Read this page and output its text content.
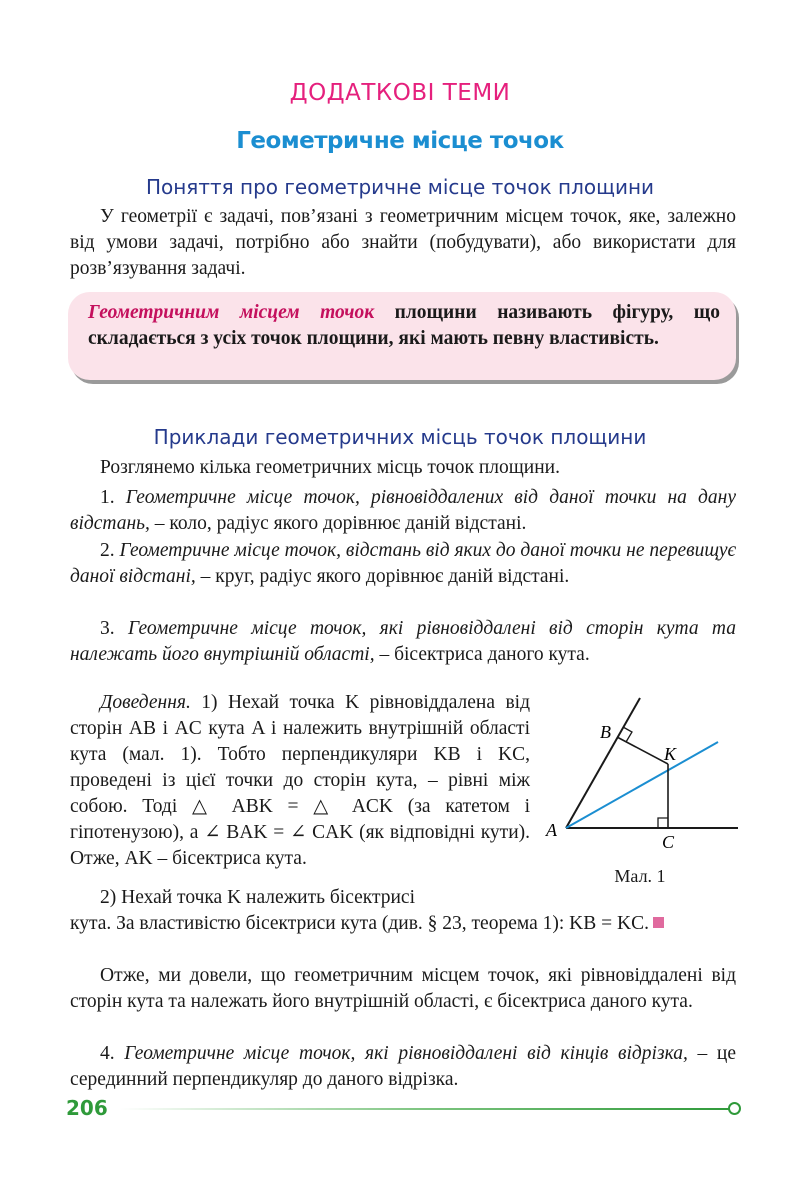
ДОДАТКОВІ ТЕМИ
Геометричне місце точок
Поняття про геометричне місце точок площини
У геометрії є задачі, пов’язані з геометричним місцем точок, яке, залежно від умови задачі, потрібно або знайти (побудувати), або використати для розв’язування задачі.
Геометричним місцем точок площини називають фігуру, що складається з усіх точок площини, які мають певну властивість.
Приклади геометричних місць точок площини
Розглянемо кілька геометричних місць точок площини.
1. Геометричне місце точок, рівновіддалених від даної точки на дану відстань, – коло, радіус якого дорівнює даній відстані.
2. Геометричне місце точок, відстань від яких до даної точки не перевищує даної відстані, – круг, радіус якого дорівнює даній відстані.
3. Геометричне місце точок, які рівновіддалені від сторін кута та належать його внутрішній області, – бісектриса даного кута.
Доведення. 1) Нехай точка K рівновіддалена від сторін AB і AC кута A і належить внутрішній області кута (мал. 1). Тобто перпендикуляри KB і KC, проведені із цієї точки до сторін кута, – рівні між собою. Тоді △ ABK = △ ACK (за катетом і гіпотенузою), а ∠ BAK = ∠ CAK (як відповідні кути). Отже, AK – бісектриса кута.
2) Нехай точка K належить бісектрисі
кута. За властивістю бісектриси кута (див. § 23, теорема 1): KB = KC.
Отже, ми довели, що геометричним місцем точок, які рівновіддалені від сторін кута та належать його внутрішній області, є бісектриса даного кута.
4. Геометричне місце точок, які рівновіддалені від кінців відрізка, – це серединний перпендикуляр до даного відрізка.
A
B
K
C
Мал. 1
206
